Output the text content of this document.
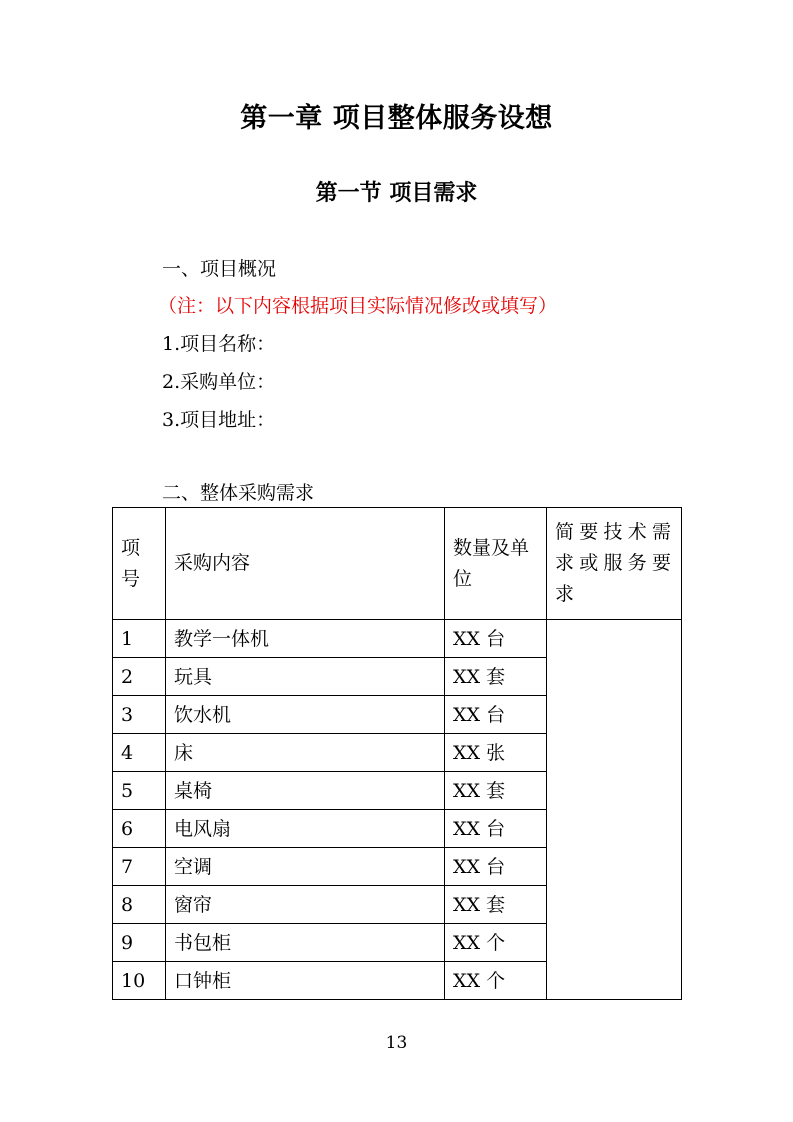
第一章 项目整体服务设想
第一节 项目需求
一、项目概况
（注：以下内容根据项目实际情况修改或填写）
1.项目名称：
2.采购单位：
3.项目地址：
二、整体采购需求
项号	采购内容	数量及单位	简要技术需求或服务要求
1	教学一体机	XX 台	
2	玩具	XX 套	
3	饮水机	XX 台	
4	床	XX 张	
5	桌椅	XX 套	
6	电风扇	XX 台	
7	空调	XX 台	
8	窗帘	XX 套	
9	书包柜	XX 个	
10	口钟柜	XX 个	
13
